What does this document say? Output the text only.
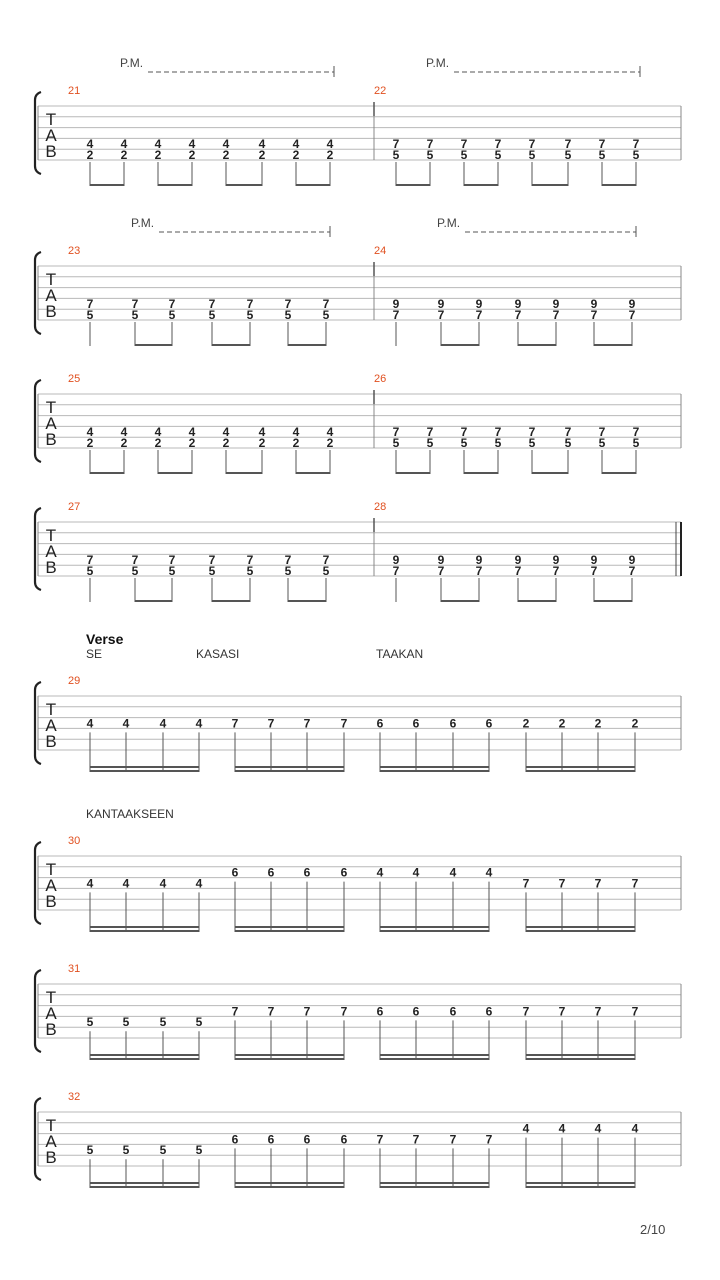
T
A
B
21
P.M.
4
2
4
2
4
2
4
2
4
2
4
2
4
2
4
2
22
P.M.
7
5
7
5
7
5
7
5
7
5
7
5
7
5
7
5
T
A
B
23
P.M.
7
5
7
5
7
5
7
5
7
5
7
5
7
5
24
P.M.
9
7
9
7
9
7
9
7
9
7
9
7
9
7
T
A
B
25
4
2
4
2
4
2
4
2
4
2
4
2
4
2
4
2
26
7
5
7
5
7
5
7
5
7
5
7
5
7
5
7
5
T
A
B
27
7
5
7
5
7
5
7
5
7
5
7
5
7
5
28
9
7
9
7
9
7
9
7
9
7
9
7
9
7
T
A
B
Verse
SE	KASASI	TAAKAN
29
4 4	4 4 7 7 7	7 6 6	6 6	2 2 2	2
T
A
B
KANTAAKSEEN
30
4 4	4 4
6 6 6	6 4 4	4 4
7 7 7	7
T
A
B
31
5 5	5 5
7 7 7	7 6 6	6 6	7 7 7	7
T
A
B
32
5 5	5 5
6 6 6	6 7 7	7 7
4 4 4	4
2/10
